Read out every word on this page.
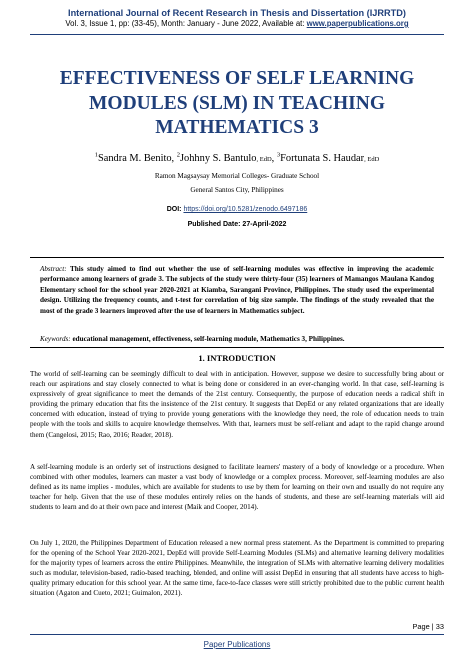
International Journal of Recent Research in Thesis and Dissertation (IJRRTD)
Vol. 3, Issue 1, pp: (33-45), Month: January - June 2022, Available at: www.paperpublications.org
EFFECTIVENESS OF SELF LEARNING
MODULES (SLM) IN TEACHING
MATHEMATICS 3
$^1$Sandra M. Benito, $^2$Johhny S. Bantulo, EdD, $^3$Fortunata S. Haudar, EdD
Ramon Magsaysay Memorial Colleges- Graduate School
General Santos City, Philippines
DOI: https://doi.org/10.5281/zenodo.6497186
Published Date: 27-April-2022
Abstract: This study aimed to find out whether the use of self-learning modules was effective in improving the academic performance among learners of grade 3. The subjects of the study were thirty-four (35) learners of Mamangos Maulana Kandog Elementary school for the school year 2020-2021 at Kiamba, Sarangani Province, Philippines. The study used the experimental design. Utilizing the frequency counts, and t-test for correlation of big size sample. The findings of the study revealed that the most of the grade 3 learners improved after the use of learners in Mathematics subject.
Keywords: educational management, effectiveness, self-learning module, Mathematics 3, Philippines.
1. INTRODUCTION
The world of self-learning can be seemingly difficult to deal with in anticipation. However, suppose we desire to successfully bring about or reach our aspirations and stay closely connected to what is being done or considered in an ever-changing world. In that case, self-learning is expressively of great significance to meet the demands of the 21st century. Consequently, the purpose of education needs a radical shift in providing the primary education that fits the insistence of the 21st century. It suggests that DepEd or any related organizations that are ideally concerned with education, instead of trying to provide young generations with the knowledge they need, the role of education needs to train people with the tools and skills to acquire knowledge themselves. With that, learners must be self-reliant and adapt to the rapid change around them (Cangelosi, 2015; Rao, 2016; Reader, 2018).
A self-learning module is an orderly set of instructions designed to facilitate learners' mastery of a body of knowledge or a procedure. When combined with other modules, learners can master a vast body of knowledge or a complex process. Moreover, self-learning modules are also defined as its name implies - modules, which are available for students to use by them for learning on their own and usually do not require any teacher for help. Given that the use of these modules entirely relies on the hands of students, and these are self-learning materials will aid students to learn and do at their own pace and interest (Maik and Cooper, 2014).
On July 1, 2020, the Philippines Department of Education released a new normal press statement. As the Department is committed to preparing for the opening of the School Year 2020-2021, DepEd will provide Self-Learning Modules (SLMs) and alternative learning delivery modalities for the majority types of learners across the entire Philippines. Meanwhile, the integration of SLMs with alternative learning delivery modalities such as modular, television-based, radio-based teaching, blended, and online will assist DepEd in ensuring that all students have access to high-quality primary education for this school year. At the same time, face-to-face classes were still strictly prohibited due to the public current health situation (Agaton and Cueto, 2021; Guimalon, 2021).
Page | 33
Paper Publications
